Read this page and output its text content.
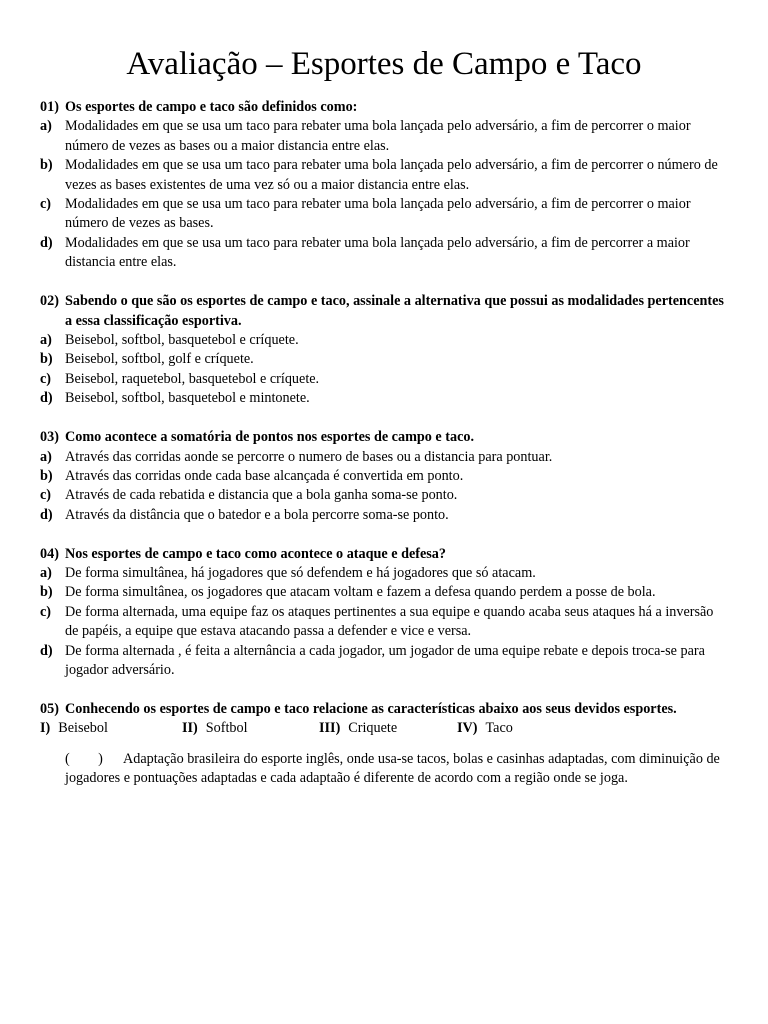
Avaliação – Esportes de Campo e Taco
01) Os esportes de campo e taco são definidos como:
a) Modalidades em que se usa um taco para rebater uma bola lançada pelo adversário, a fim de percorrer o maior número de vezes as bases ou a maior distancia entre elas.
b) Modalidades em que se usa um taco para rebater uma bola lançada pelo adversário, a fim de percorrer o número de vezes as bases existentes de uma vez só ou a maior distancia entre elas.
c) Modalidades em que se usa um taco para rebater uma bola lançada pelo adversário, a fim de percorrer o maior número de vezes as bases.
d) Modalidades em que se usa um taco para rebater uma bola lançada pelo adversário, a fim de percorrer a maior distancia entre elas.
02) Sabendo o que são os esportes de campo e taco, assinale a alternativa que possui as modalidades pertencentes a essa classificação esportiva.
a) Beisebol, softbol, basquetebol e críquete.
b) Beisebol, softbol, golf e críquete.
c) Beisebol, raquetebol, basquetebol e críquete.
d) Beisebol, softbol, basquetebol e mintonete.
03) Como acontece a somatória de pontos nos esportes de campo e taco.
a) Através das corridas aonde se percorre o numero de bases ou a distancia para pontuar.
b) Através das corridas onde cada base alcançada é convertida em ponto.
c) Através de cada rebatida e distancia que a bola ganha soma-se ponto.
d) Através da distância que o batedor e a bola percorre soma-se ponto.
04) Nos esportes de campo e taco como acontece o ataque e defesa?
a) De forma simultânea, há jogadores que só defendem e há jogadores que só atacam.
b) De forma simultânea, os jogadores que atacam voltam e fazem a defesa quando perdem a posse de bola.
c) De forma alternada, uma equipe faz os ataques pertinentes a sua equipe e quando acaba seus ataques há a inversão de papéis, a equipe que estava atacando passa a defender e vice e versa.
d) De forma alternada , é feita a alternância a cada jogador, um jogador de uma equipe rebate e depois troca-se para jogador adversário.
05) Conhecendo os esportes de campo e taco relacione as características abaixo aos seus devidos esportes.
I) Beisebol	II) Softbol	III) Criquete	IV) Taco
(        ) Adaptação brasileira do esporte inglês, onde usa-se tacos, bolas e casinhas adaptadas, com diminuição de jogadores e pontuações adaptadas e cada adaptaão é diferente de acordo com a região onde se joga.
